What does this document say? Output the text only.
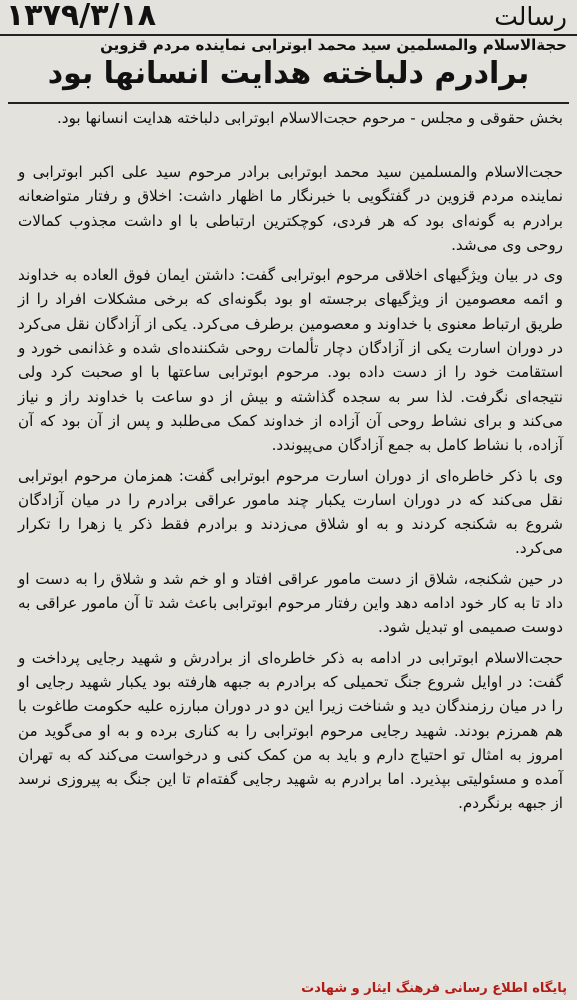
۱۳۷۹/۳/۱۸	رسالت
حجة‌الاسلام والمسلمین سید محمد ابوترابی نماینده مردم قزوین
برادرم دلباخته هدایت انسانها بود

بخش حقوقی و مجلس - مرحوم حجت‌الاسلام ابوترابی دلباخته هدایت انسانها بود.

حجت‌الاسلام والمسلمین سید محمد ابوترابی برادر مرحوم سید علی اکبر ابوترابی و نماینده مردم قزوین در گفتگویی با خبرنگار ما اظهار داشت: اخلاق و رفتار متواضعانه برادرم به گونه‌ای بود که هر فردی، کوچکترین ارتباطی با او داشت مجذوب کمالات روحی وی می‌شد.

وی در بیان ویژگیهای اخلاقی مرحوم ابوترابی گفت: داشتن ایمان فوق العاده به خداوند و ائمه معصومین از ویژگیهای برجسته او بود بگونه‌ای که برخی مشکلات افراد را از طریق ارتباط معنوی با خداوند و معصومین برطرف می‌کرد. یکی از آزادگان نقل می‌کرد در دوران اسارت یکی از آزادگان دچار تألمات روحی شکننده‌ای شده و غذانمی خورد و استقامت خود را از دست داده بود. مرحوم ابوترابی ساعتها با او صحبت کرد ولی نتیجه‌ای نگرفت. لذا سر به سجده گذاشته و بیش از دو ساعت با خداوند راز و نیاز می‌کند و برای نشاط روحی آن آزاده از خداوند کمک می‌طلبد و پس از آن بود که آن آزاده، با نشاط کامل به جمع آزادگان می‌پیوندد.

وی با ذکر خاطره‌ای از دوران اسارت مرحوم ابوترابی گفت: همزمان مرحوم ابوترابی نقل می‌کند که در دوران اسارت یکبار چند مامور عراقی برادرم را در میان آزادگان شروع به شکنجه کردند و به او شلاق می‌زدند و برادرم فقط ذکر یا زهرا را تکرار می‌کرد.

در حین شکنجه، شلاق از دست مامور عراقی افتاد و او خم شد و شلاق را به دست او داد تا به کار خود ادامه دهد واین رفتار مرحوم ابوترابی باعث شد تا آن مامور عراقی به دوست صمیمی او تبدیل شود.

حجت‌الاسلام ابوترابی در ادامه به ذکر خاطره‌ای از برادرش و شهید رجایی پرداخت و گفت: در اوایل شروع جنگ تحمیلی که برادرم به جبهه هارفته بود یکبار شهید رجایی او را در میان رزمندگان دید و شناخت زیرا این دو در دوران مبارزه علیه حکومت طاغوت با هم همرزم بودند. شهید رجایی مرحوم ابوترابی را به کناری برده و به او می‌گوید من امروز به امثال تو احتیاج دارم و باید به من کمک کنی و درخواست می‌کند که به تهران آمده و مسئولیتی بپذیرد. اما برادرم به شهید رجایی گفته‌ام تا این جنگ به پیروزی نرسد از جبهه برنگردم.

پایگاه اطلاع رسانی فرهنگ ایثار و شهادت
